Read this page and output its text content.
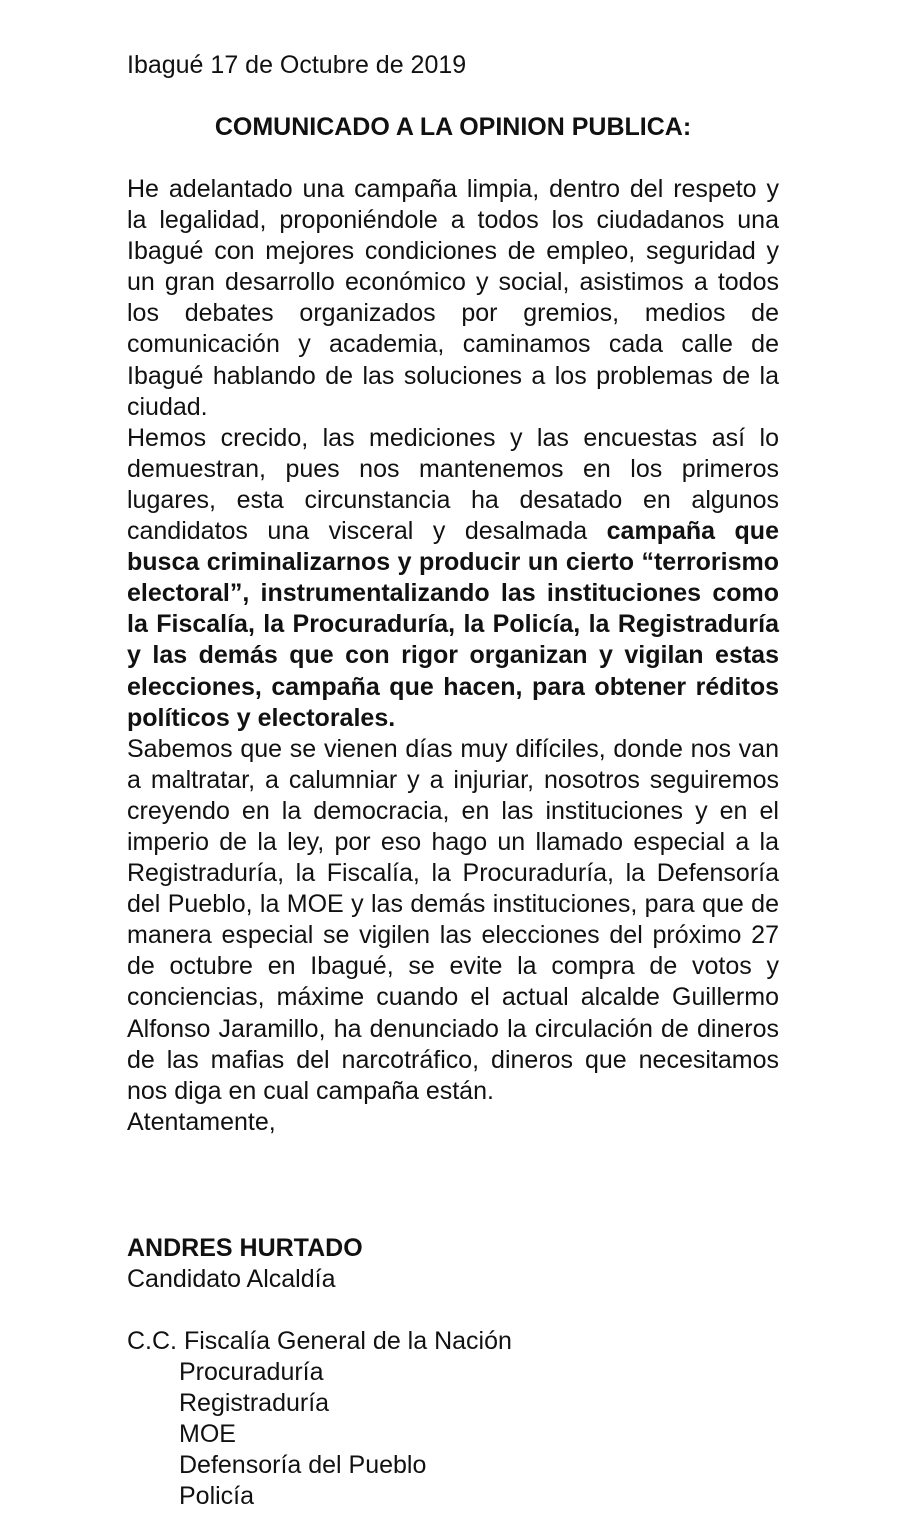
Ibagué 17 de Octubre de 2019

COMUNICADO A LA OPINION PUBLICA:

He adelantado una campaña limpia, dentro del respeto y la legalidad, proponiéndole a todos los ciudadanos una Ibagué con mejores condiciones de empleo, seguridad y un gran desarrollo económico y social, asistimos a todos los debates organizados por gremios, medios de comunicación y academia, caminamos cada calle de Ibagué hablando de las soluciones a los problemas de la ciudad.

Hemos crecido, las mediciones y las encuestas así lo demuestran, pues nos mantenemos en los primeros lugares, esta circunstancia ha desatado en algunos candidatos una visceral y desalmada campaña que busca criminalizarnos y producir un cierto “terrorismo electoral”, instrumentalizando las instituciones como la Fiscalía, la Procuraduría, la Policía, la Registraduría y las demás que con rigor organizan y vigilan estas elecciones, campaña que hacen, para obtener réditos políticos y electorales.

Sabemos que se vienen días muy difíciles, donde nos van a maltratar, a calumniar y a injuriar, nosotros seguiremos creyendo en la democracia, en las instituciones y en el imperio de la ley, por eso hago un llamado especial a la Registraduría, la Fiscalía, la Procuraduría, la Defensoría del Pueblo, la MOE y las demás instituciones, para que de manera especial se vigilen las elecciones del próximo 27 de octubre en Ibagué, se evite la compra de votos y conciencias, máxime cuando el actual alcalde Guillermo Alfonso Jaramillo, ha denunciado la circulación de dineros de las mafias del narcotráfico, dineros que necesitamos nos diga en cual campaña están.

Atentamente,

ANDRES HURTADO
Candidato Alcaldía
C.C. Fiscalía General de la Nación
Procuraduría
Registraduría
MOE
Defensoría del Pueblo
Policía
